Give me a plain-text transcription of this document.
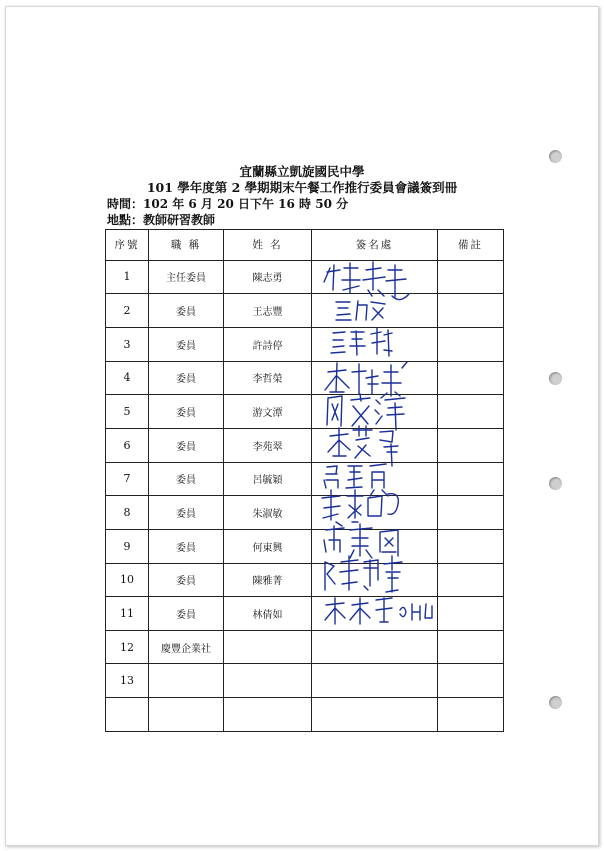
宜蘭縣立凱旋國民中學
101 學年度第 2 學期期末午餐工作推行委員會議簽到冊
時間：102 年 6 月 20 日下午 16 時 50 分
地點：教師研習教師
序號	職 稱	姓 名	簽名處	備註
1	主任委員	陳志勇		
2	委員	王志豐		
3	委員	許詩停		
4	委員	李哲榮		
5	委員	游文潭		
6	委員	李苑翠		
7	委員	呂毓穎		
8	委員	朱淑敏		
9	委員	何東興		
10	委員	陳雅菁		
11	委員	林倩如		
12	慶豐企業社			
13				
